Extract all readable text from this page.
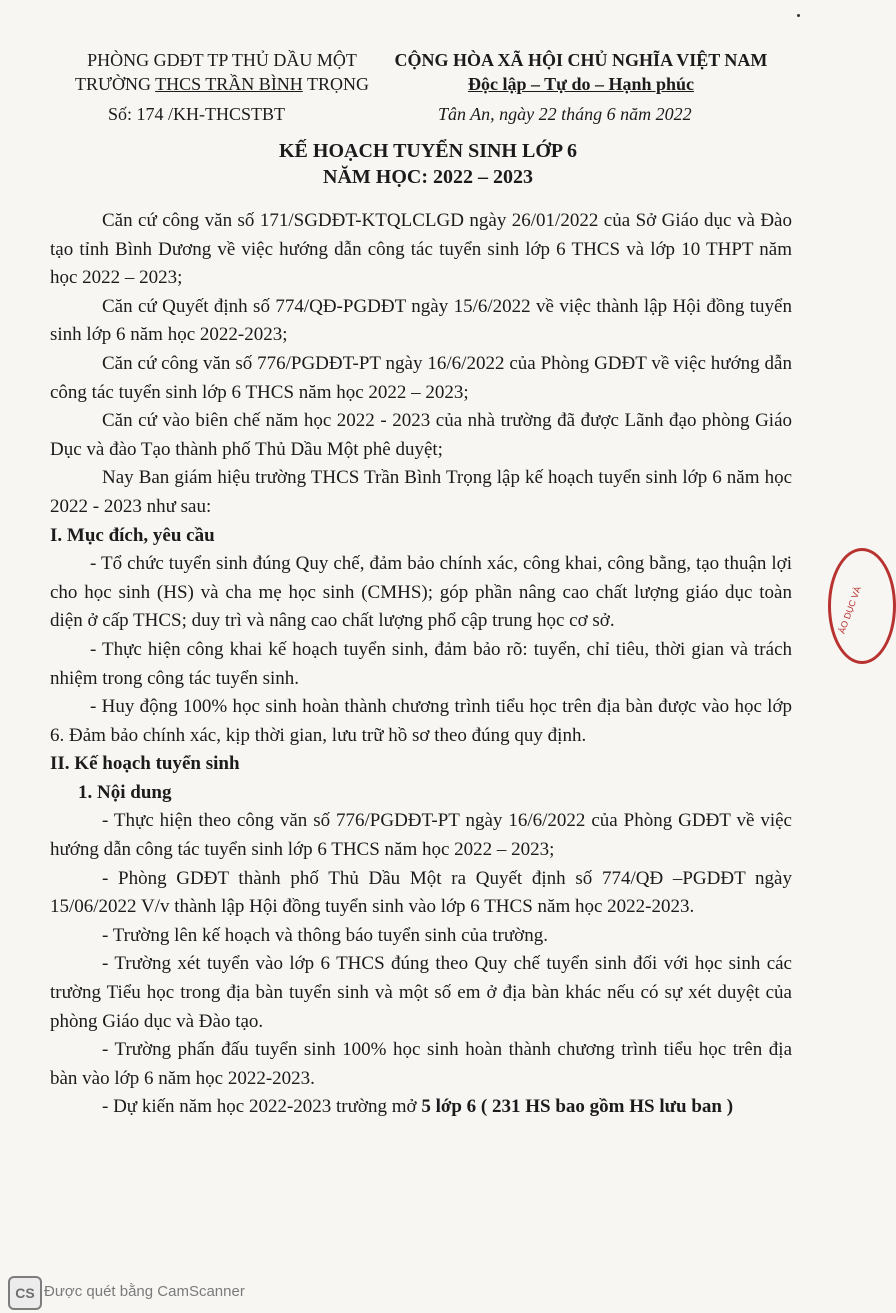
PHÒNG GDĐT TP THỦ DẦU MỘT
TRƯỜNG THCS TRẦN BÌNH TRỌNG
CỘNG HÒA XÃ HỘI CHỦ NGHĨA VIỆT NAM
Độc lập – Tự do – Hạnh phúc
Số: 174 /KH-THCSTBT	Tân An, ngày 22 tháng 6 năm 2022
KẾ HOẠCH TUYỂN SINH LỚP 6
NĂM HỌC: 2022 – 2023

Căn cứ công văn số 171/SGDĐT-KTQLCLGD ngày 26/01/2022 của Sở Giáo dục và Đào tạo tỉnh Bình Dương về việc hướng dẫn công tác tuyển sinh lớp 6 THCS và lớp 10 THPT năm học 2022 – 2023;

Căn cứ Quyết định số 774/QĐ-PGDĐT ngày 15/6/2022 về việc thành lập Hội đồng tuyển sinh lớp 6 năm học 2022-2023;

Căn cứ công văn số 776/PGDĐT-PT ngày 16/6/2022 của Phòng GDĐT về việc hướng dẫn công tác tuyển sinh lớp 6 THCS năm học 2022 – 2023;

Căn cứ vào biên chế năm học 2022 - 2023 của nhà trường đã được Lãnh đạo phòng Giáo Dục và đào Tạo thành phố Thủ Dầu Một phê duyệt;

Nay Ban giám hiệu trường THCS Trần Bình Trọng lập kế hoạch tuyển sinh lớp 6 năm học 2022 - 2023 như sau:

I. Mục đích, yêu cầu

- Tổ chức tuyển sinh đúng Quy chế, đảm bảo chính xác, công khai, công bằng, tạo thuận lợi cho học sinh (HS) và cha mẹ học sinh (CMHS); góp phần nâng cao chất lượng giáo dục toàn diện ở cấp THCS; duy trì và nâng cao chất lượng phổ cập trung học cơ sở.

- Thực hiện công khai kế hoạch tuyển sinh, đảm bảo rõ: tuyển, chỉ tiêu, thời gian và trách nhiệm trong công tác tuyển sinh.

- Huy động 100% học sinh hoàn thành chương trình tiểu học trên địa bàn được vào học lớp 6. Đảm bảo chính xác, kịp thời gian, lưu trữ hồ sơ theo đúng quy định.

II. Kế hoạch tuyển sinh

1. Nội dung

- Thực hiện theo công văn số 776/PGDĐT-PT ngày 16/6/2022 của Phòng GDĐT về việc hướng dẫn công tác tuyển sinh lớp 6 THCS năm học 2022 – 2023;

- Phòng GDĐT thành phố Thủ Dầu Một ra Quyết định số 774/QĐ –PGDĐT ngày 15/06/2022 V/v thành lập Hội đồng tuyển sinh vào lớp 6 THCS năm học 2022-2023.

- Trường lên kế hoạch và thông báo tuyển sinh của trường.

- Trường xét tuyển vào lớp 6 THCS đúng theo Quy chế tuyển sinh đối với học sinh các trường Tiểu học trong địa bàn tuyển sinh và một số em ở địa bàn khác nếu có sự xét duyệt của phòng Giáo dục và Đào tạo.

- Trường phấn đấu tuyển sinh 100% học sinh hoàn thành chương trình tiểu học trên địa bàn vào lớp 6 năm học 2022-2023.

- Dự kiến năm học 2022-2023 trường mở 5 lớp 6 ( 231 HS bao gồm HS lưu ban )

ÁO DỤC VÀ
CS Được quét bằng CamScanner
